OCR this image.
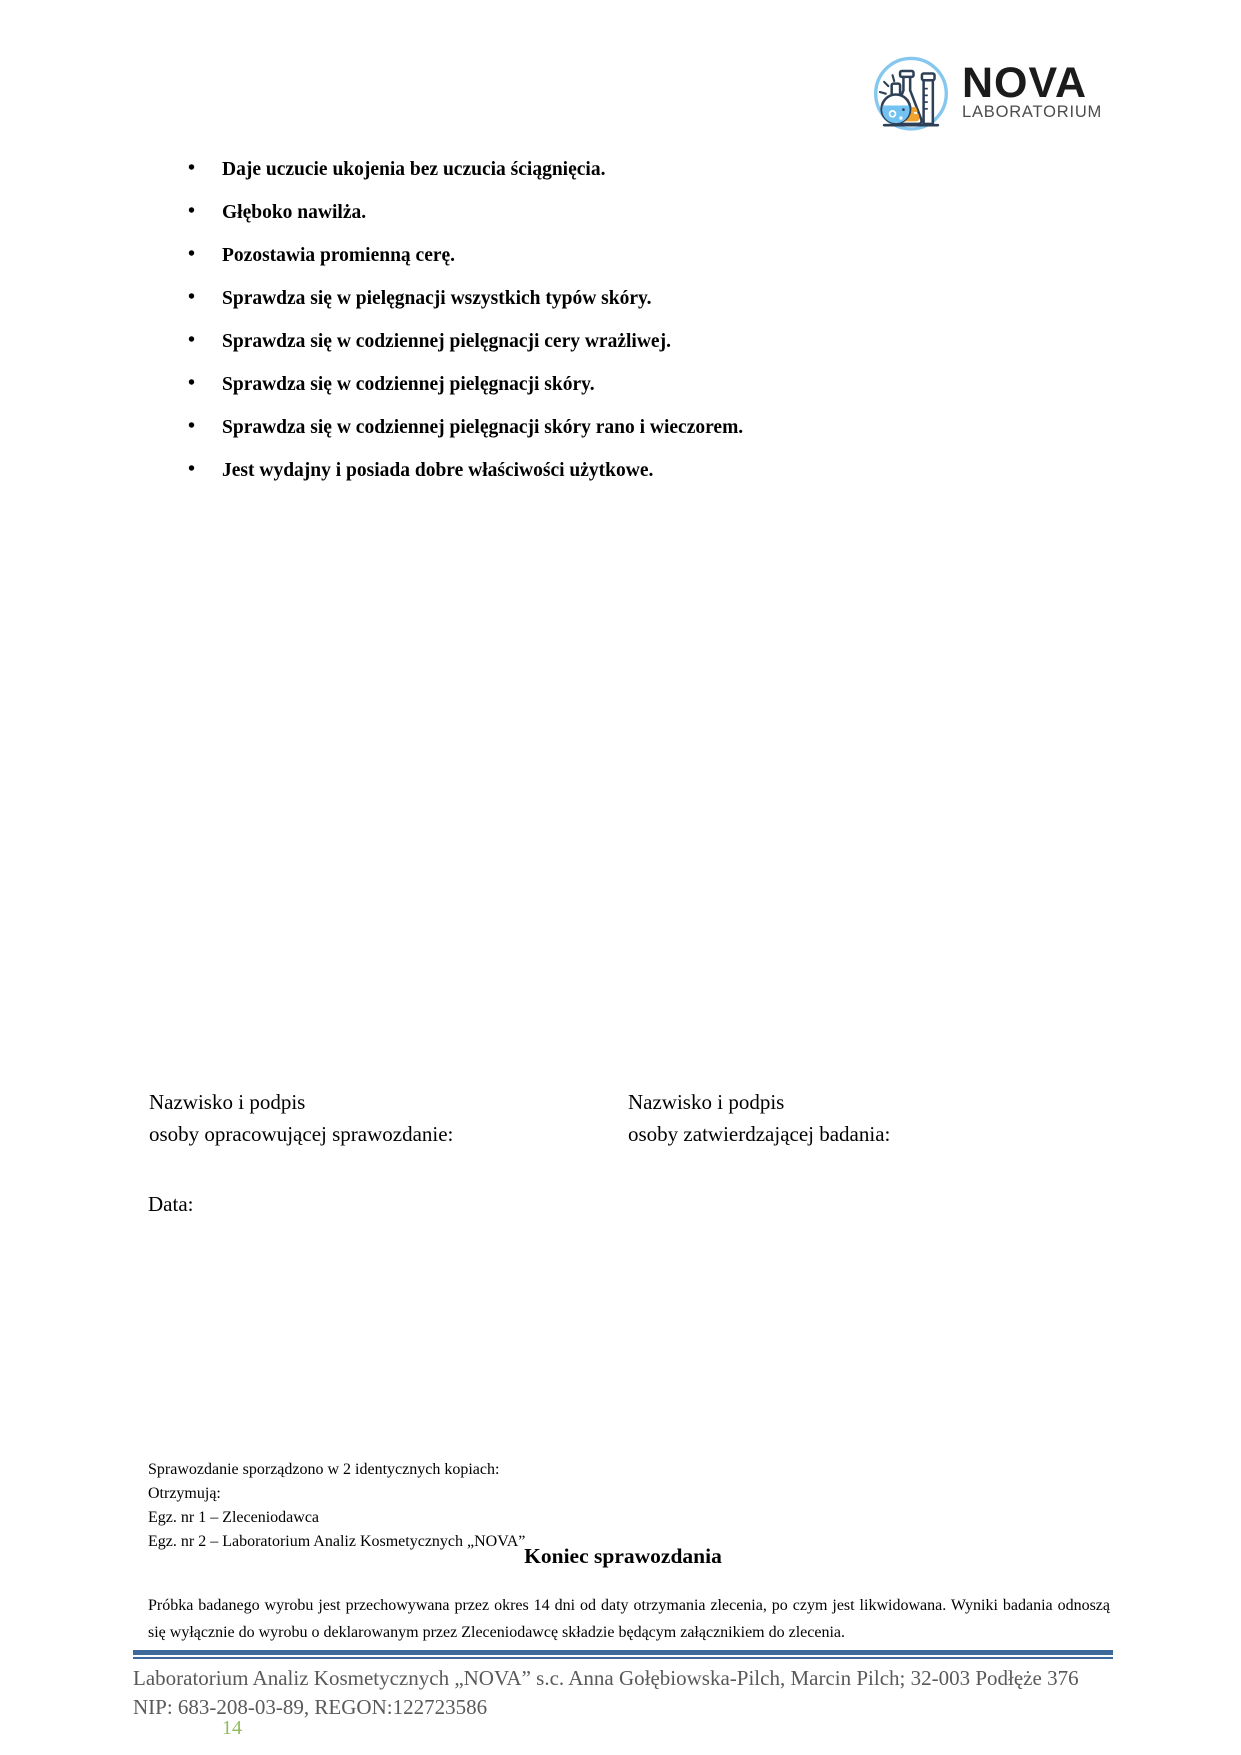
NOVA
LABORATORIUM
• Daje uczucie ukojenia bez uczucia ściągnięcia.
• Głęboko nawilża.
• Pozostawia promienną cerę.
• Sprawdza się w pielęgnacji wszystkich typów skóry.
• Sprawdza się w codziennej pielęgnacji cery wrażliwej.
• Sprawdza się w codziennej pielęgnacji skóry.
• Sprawdza się w codziennej pielęgnacji skóry rano i wieczorem.
• Jest wydajny i posiada dobre właściwości użytkowe.
Nazwisko i podpis
osoby opracowującej sprawozdanie:
Nazwisko i podpis
osoby zatwierdzającej badania:
Data:
Sprawozdanie sporządzono w 2 identycznych kopiach:
Otrzymują:
Egz. nr 1 – Zleceniodawca
Egz. nr 2 – Laboratorium Analiz Kosmetycznych „NOVA”
Koniec sprawozdania
Próbka badanego wyrobu jest przechowywana przez okres 14 dni od daty otrzymania zlecenia, po czym jest likwidowana. Wyniki badania odnoszą się wyłącznie do wyrobu o deklarowanym przez Zleceniodawcę składzie będącym załącznikiem do zlecenia.
Laboratorium Analiz Kosmetycznych „NOVA” s.c. Anna Gołębiowska-Pilch, Marcin Pilch; 32-003 Podłęże 376
NIP: 683-208-03-89, REGON:122723586
14
